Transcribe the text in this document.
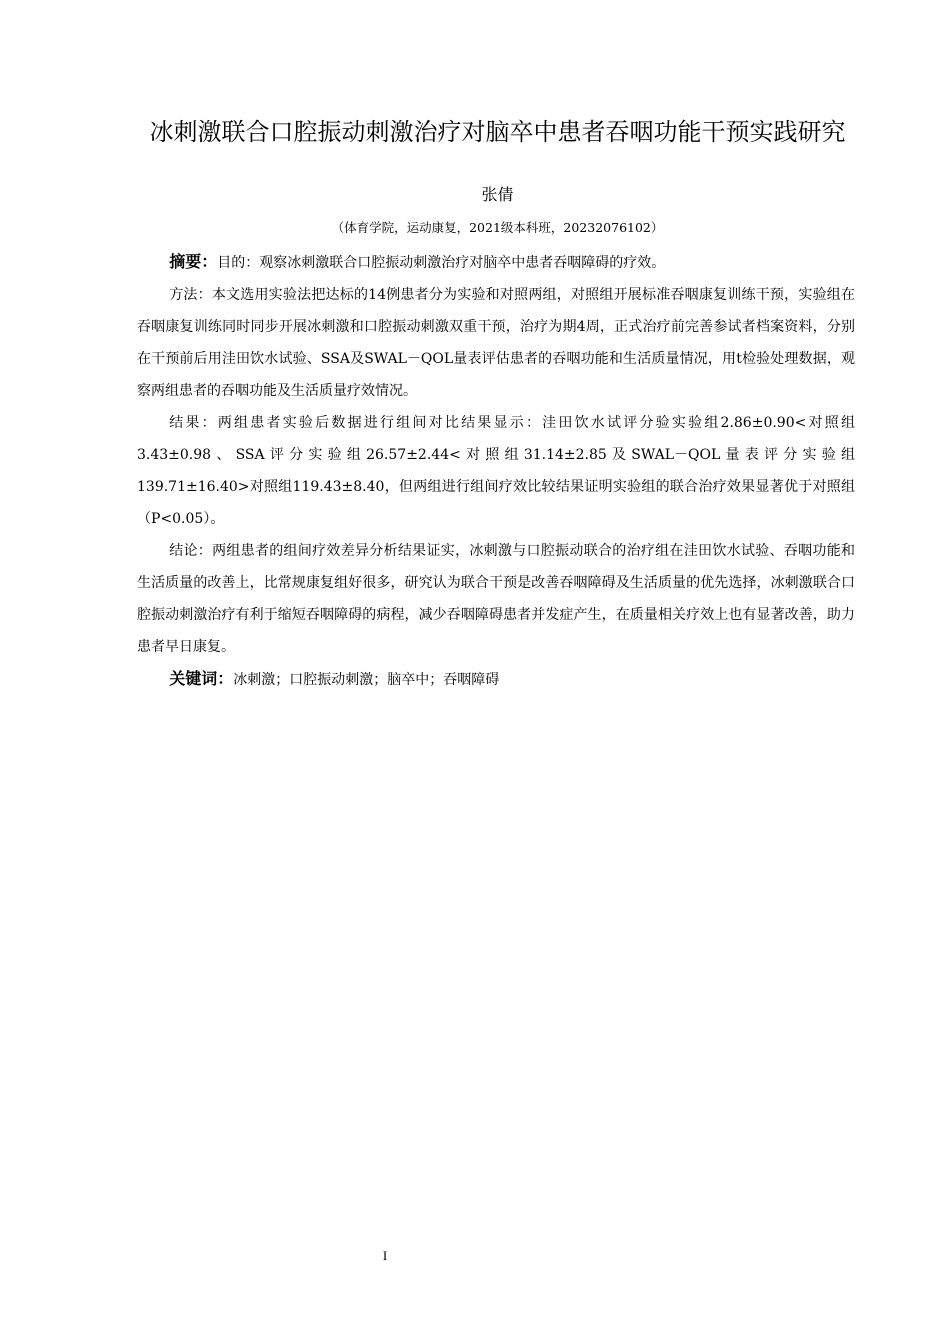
冰刺激联合口腔振动刺激治疗对脑卒中患者吞咽功能干预实践研究
张倩
（体育学院，运动康复，2021级本科班，20232076102）

摘要：目的：观察冰刺激联合口腔振动刺激治疗对脑卒中患者吞咽障碍的疗效。

方法：本文选用实验法把达标的14例患者分为实验和对照两组，对照组开展标准吞咽康复训练干预，实验组在吞咽康复训练同时同步开展冰刺激和口腔振动刺激双重干预，治疗为期4周，正式治疗前完善参试者档案资料，分别在干预前后用洼田饮水试验、SSA及SWAL－QOL量表评估患者的吞咽功能和生活质量情况，用t检验处理数据，观察两组患者的吞咽功能及生活质量疗效情况。

结果：两组患者实验后数据进行组间对比结果显示：洼田饮水试评分验实验组2.86±0.90<对照组3.43±0.98、SSA评分实验组26.57±2.44<对照组31.14±2.85及SWAL－QOL量表评分实验组139.71±16.40>对照组119.43±8.40，但两组进行组间疗效比较结果证明实验组的联合治疗效果显著优于对照组（P<0.05）。

结论：两组患者的组间疗效差异分析结果证实，冰刺激与口腔振动联合的治疗组在洼田饮水试验、吞咽功能和生活质量的改善上，比常规康复组好很多，研究认为联合干预是改善吞咽障碍及生活质量的优先选择，冰刺激联合口腔振动刺激治疗有利于缩短吞咽障碍的病程，减少吞咽障碍患者并发症产生，在质量相关疗效上也有显著改善，助力患者早日康复。

关键词：冰刺激；口腔振动刺激；脑卒中；吞咽障碍

I
